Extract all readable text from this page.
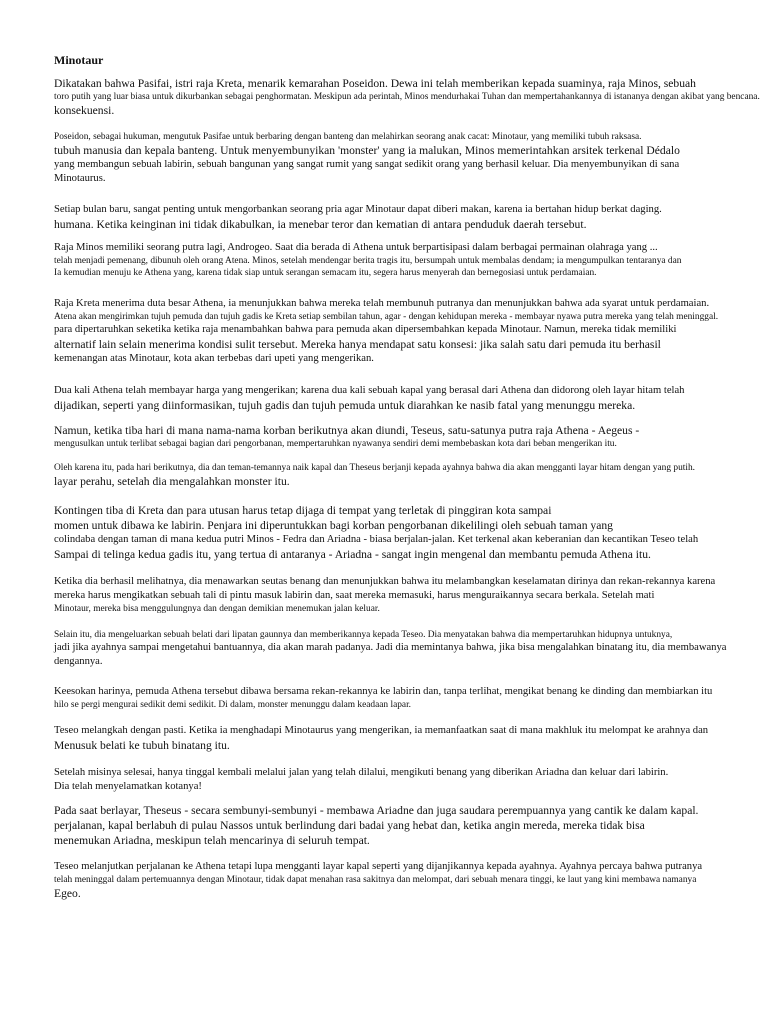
Minotaur
Dikatakan bahwa Pasifai, istri raja Kreta, menarik kemarahan Poseidon. Dewa ini telah memberikan kepada suaminya, raja Minos, sebuah
toro putih yang luar biasa untuk dikurbankan sebagai penghormatan. Meskipun ada perintah, Minos mendurhakai Tuhan dan mempertahankannya di istananya dengan akibat yang bencana.
konsekuensi.
Poseidon, sebagai hukuman, mengutuk Pasifae untuk berbaring dengan banteng dan melahirkan seorang anak cacat: Minotaur, yang memiliki tubuh raksasa.
tubuh manusia dan kepala banteng. Untuk menyembunyikan 'monster' yang ia malukan, Minos memerintahkan arsitek terkenal Dédalo
yang membangun sebuah labirin, sebuah bangunan yang sangat rumit yang sangat sedikit orang yang berhasil keluar. Dia menyembunyikan di sana
Minotaurus.
Setiap bulan baru, sangat penting untuk mengorbankan seorang pria agar Minotaur dapat diberi makan, karena ia bertahan hidup berkat daging.
humana. Ketika keinginan ini tidak dikabulkan, ia menebar teror dan kematian di antara penduduk daerah tersebut.
Raja Minos memiliki seorang putra lagi, Androgeo. Saat dia berada di Athena untuk berpartisipasi dalam berbagai permainan olahraga yang ...
telah menjadi pemenang, dibunuh oleh orang Atena. Minos, setelah mendengar berita tragis itu, bersumpah untuk membalas dendam; ia mengumpulkan tentaranya dan
Ia kemudian menuju ke Athena yang, karena tidak siap untuk serangan semacam itu, segera harus menyerah dan bernegosiasi untuk perdamaian.
Raja Kreta menerima duta besar Athena, ia menunjukkan bahwa mereka telah membunuh putranya dan menunjukkan bahwa ada syarat untuk perdamaian.
Atena akan mengirimkan tujuh pemuda dan tujuh gadis ke Kreta setiap sembilan tahun, agar - dengan kehidupan mereka - membayar nyawa putra mereka yang telah meninggal.
para dipertaruhkan seketika ketika raja menambahkan bahwa para pemuda akan dipersembahkan kepada Minotaur. Namun, mereka tidak memiliki
alternatif lain selain menerima kondisi sulit tersebut. Mereka hanya mendapat satu konsesi: jika salah satu dari pemuda itu berhasil
kemenangan atas Minotaur, kota akan terbebas dari upeti yang mengerikan.
Dua kali Athena telah membayar harga yang mengerikan; karena dua kali sebuah kapal yang berasal dari Athena dan didorong oleh layar hitam telah
dijadikan, seperti yang diinformasikan, tujuh gadis dan tujuh pemuda untuk diarahkan ke nasib fatal yang menunggu mereka.
Namun, ketika tiba hari di mana nama-nama korban berikutnya akan diundi, Teseus, satu-satunya putra raja Athena - Aegeus -
mengusulkan untuk terlibat sebagai bagian dari pengorbanan, mempertaruhkan nyawanya sendiri demi membebaskan kota dari beban mengerikan itu.
Oleh karena itu, pada hari berikutnya, dia dan teman-temannya naik kapal dan Theseus berjanji kepada ayahnya bahwa dia akan mengganti layar hitam dengan yang putih.
layar perahu, setelah dia mengalahkan monster itu.
Kontingen tiba di Kreta dan para utusan harus tetap dijaga di tempat yang terletak di pinggiran kota sampai
momen untuk dibawa ke labirin. Penjara ini diperuntukkan bagi korban pengorbanan dikelilingi oleh sebuah taman yang
colindaba dengan taman di mana kedua putri Minos - Fedra dan Ariadna - biasa berjalan-jalan. Ket terkenal akan keberanian dan kecantikan Teseo telah
Sampai di telinga kedua gadis itu, yang tertua di antaranya - Ariadna - sangat ingin mengenal dan membantu pemuda Athena itu.
Ketika dia berhasil melihatnya, dia menawarkan seutas benang dan menunjukkan bahwa itu melambangkan keselamatan dirinya dan rekan-rekannya karena
mereka harus mengikatkan sebuah tali di pintu masuk labirin dan, saat mereka memasuki, harus menguraikannya secara berkala. Setelah mati
Minotaur, mereka bisa menggulungnya dan dengan demikian menemukan jalan keluar.
Selain itu, dia mengeluarkan sebuah belati dari lipatan gaunnya dan memberikannya kepada Teseo. Dia menyatakan bahwa dia mempertaruhkan hidupnya untuknya,
jadi jika ayahnya sampai mengetahui bantuannya, dia akan marah padanya. Jadi dia memintanya bahwa, jika bisa mengalahkan binatang itu, dia membawanya
dengannya.
Keesokan harinya, pemuda Athena tersebut dibawa bersama rekan-rekannya ke labirin dan, tanpa terlihat, mengikat benang ke dinding dan membiarkan itu
hilo se pergi mengurai sedikit demi sedikit. Di dalam, monster menunggu dalam keadaan lapar.
Teseo melangkah dengan pasti. Ketika ia menghadapi Minotaurus yang mengerikan, ia memanfaatkan saat di mana makhluk itu melompat ke arahnya dan
Menusuk belati ke tubuh binatang itu.
Setelah misinya selesai, hanya tinggal kembali melalui jalan yang telah dilalui, mengikuti benang yang diberikan Ariadna dan keluar dari labirin.
Dia telah menyelamatkan kotanya!
Pada saat berlayar, Theseus - secara sembunyi-sembunyi - membawa Ariadne dan juga saudara perempuannya yang cantik ke dalam kapal.
perjalanan, kapal berlabuh di pulau Nassos untuk berlindung dari badai yang hebat dan, ketika angin mereda, mereka tidak bisa
menemukan Ariadna, meskipun telah mencarinya di seluruh tempat.
Teseo melanjutkan perjalanan ke Athena tetapi lupa mengganti layar kapal seperti yang dijanjikannya kepada ayahnya. Ayahnya percaya bahwa putranya
telah meninggal dalam pertemuannya dengan Minotaur, tidak dapat menahan rasa sakitnya dan melompat, dari sebuah menara tinggi, ke laut yang kini membawa namanya
Egeo.
